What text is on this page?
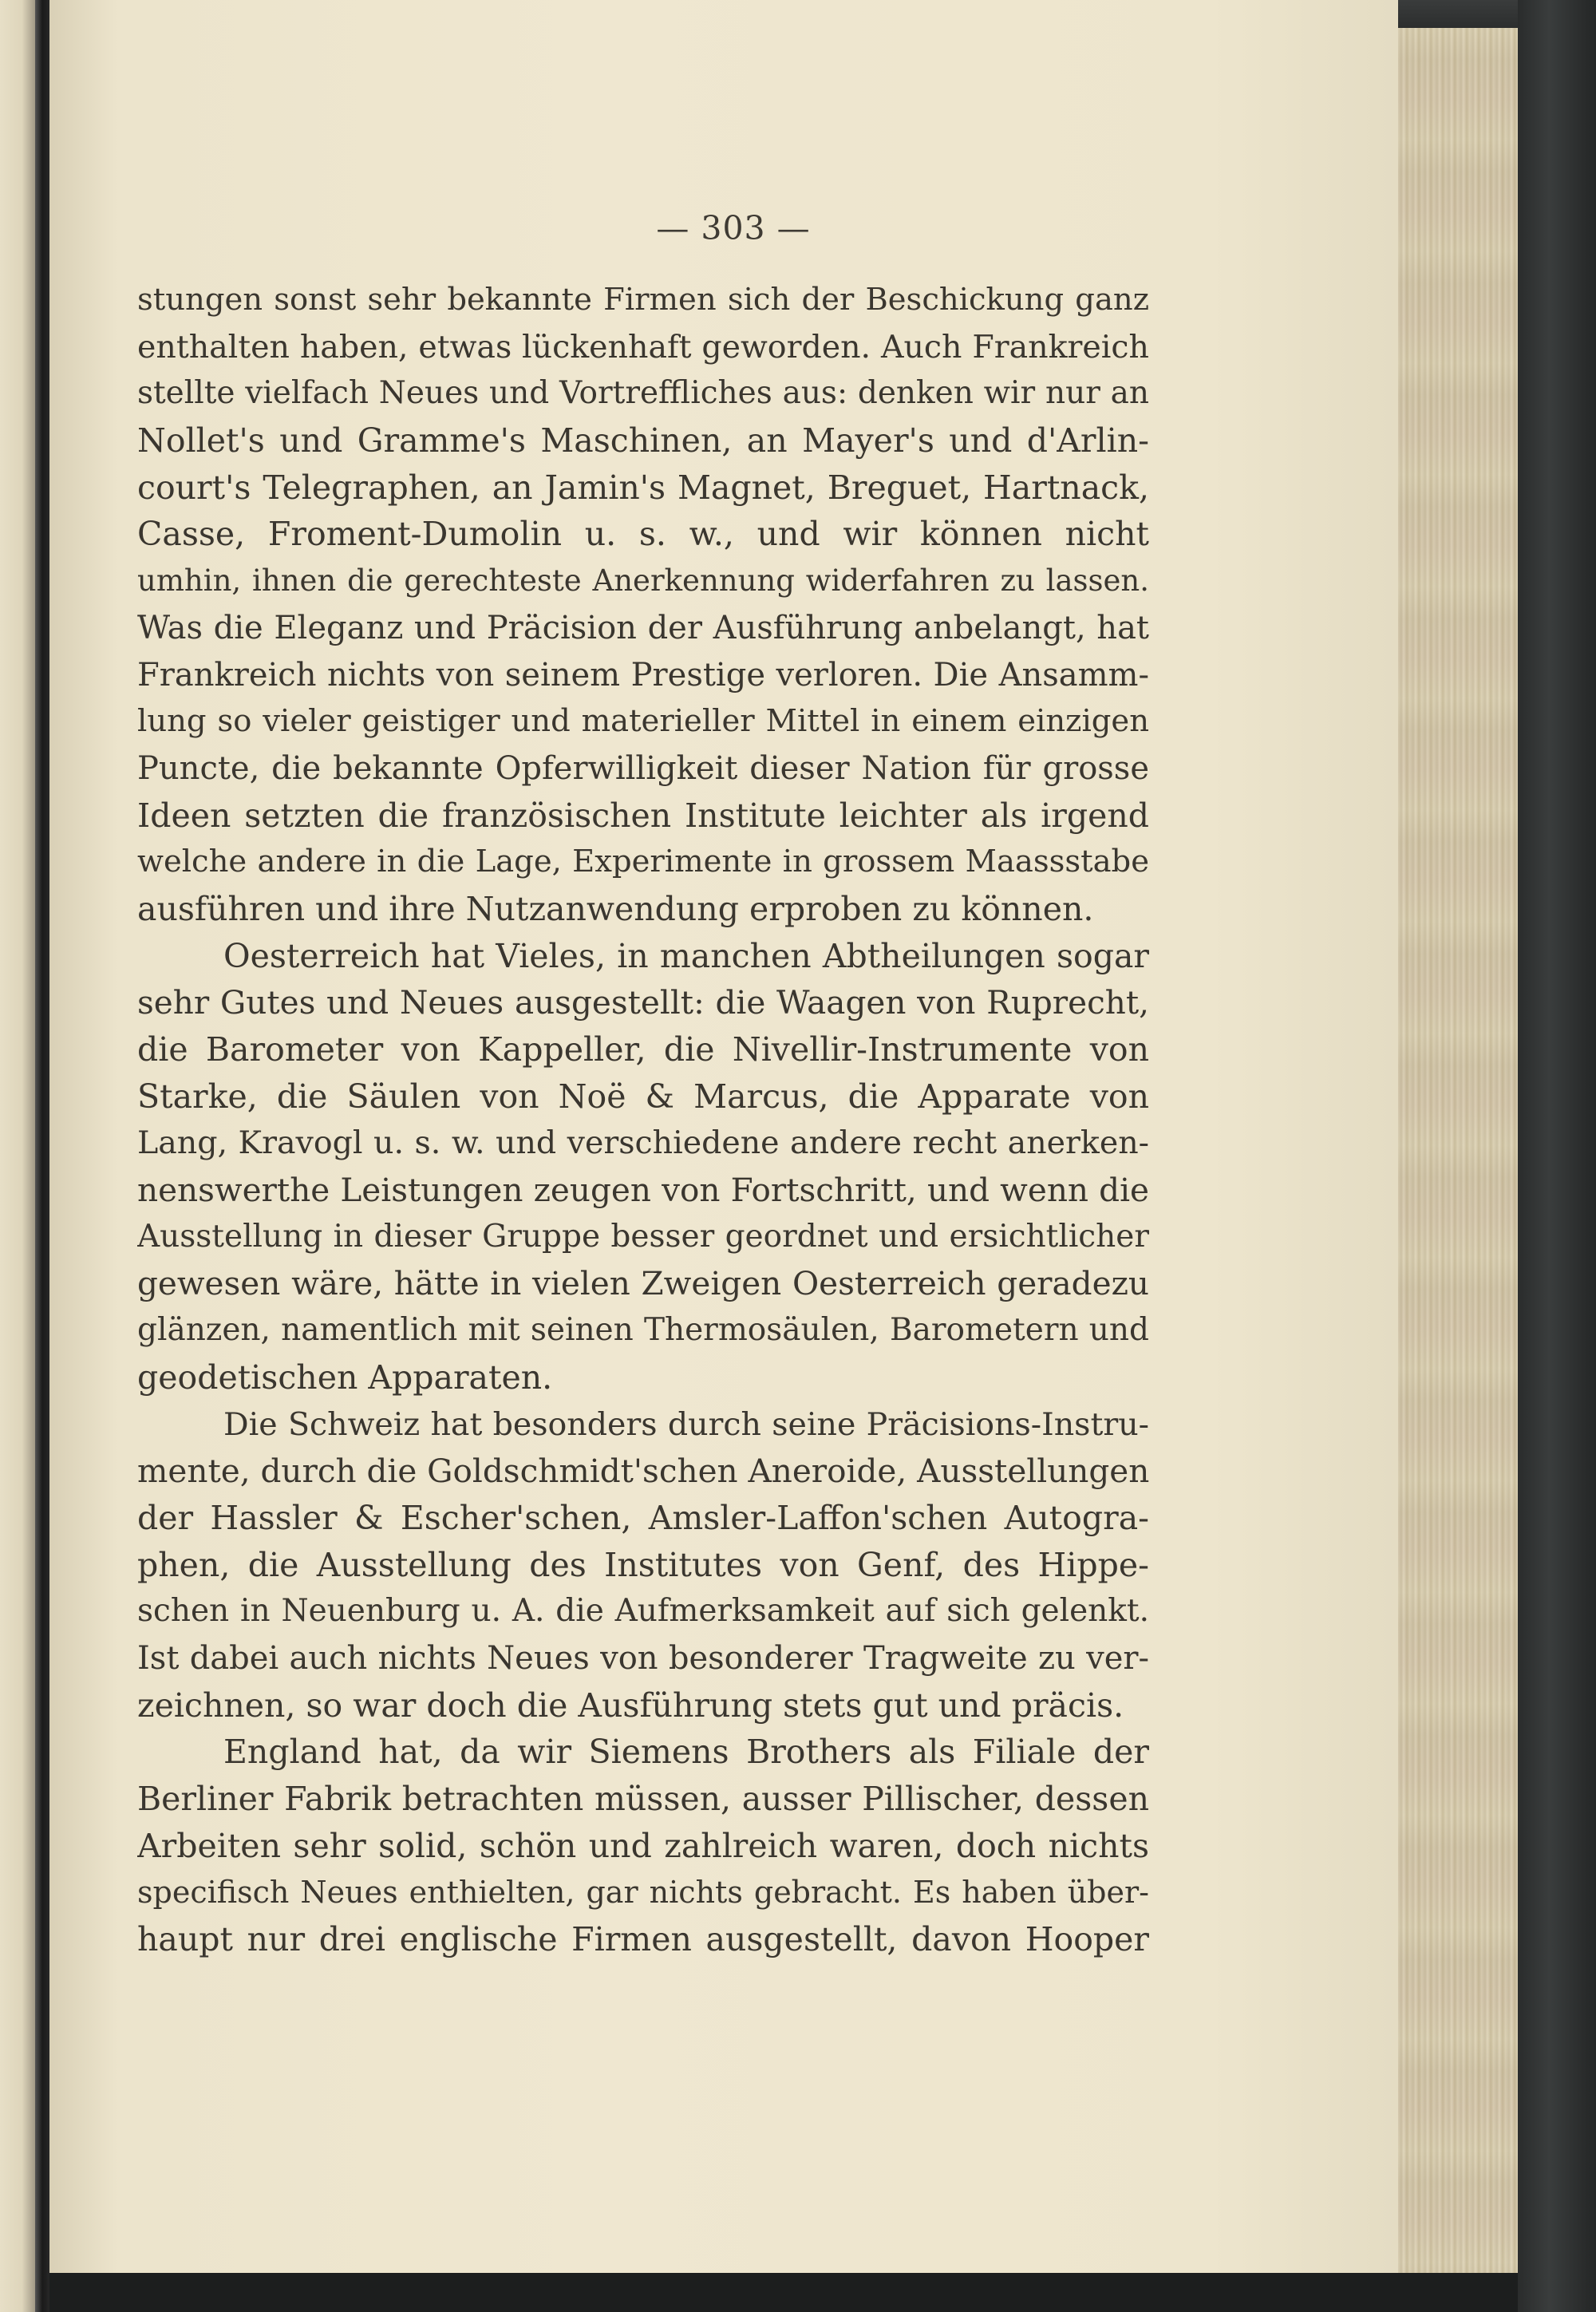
— 303 —
stungen sonst sehr bekannte Firmen sich der Beschickung ganz
enthalten haben, etwas lückenhaft geworden. Auch Frankreich
stellte vielfach Neues und Vortreffliches aus: denken wir nur an
Nollet's und Gramme's Maschinen, an Mayer's und d'Arlin-
court's Telegraphen, an Jamin's Magnet, Breguet, Hartnack,
Casse, Froment-Dumolin u. s. w., und wir können nicht
umhin, ihnen die gerechteste Anerkennung widerfahren zu lassen.
Was die Eleganz und Präcision der Ausführung anbelangt, hat
Frankreich nichts von seinem Prestige verloren. Die Ansamm-
lung so vieler geistiger und materieller Mittel in einem einzigen
Puncte, die bekannte Opferwilligkeit dieser Nation für grosse
Ideen setzten die französischen Institute leichter als irgend
welche andere in die Lage, Experimente in grossem Maassstabe
ausführen und ihre Nutzanwendung erproben zu können.
Oesterreich hat Vieles, in manchen Abtheilungen sogar
sehr Gutes und Neues ausgestellt: die Waagen von Ruprecht,
die Barometer von Kappeller, die Nivellir-Instrumente von
Starke, die Säulen von Noë & Marcus, die Apparate von
Lang, Kravogl u. s. w. und verschiedene andere recht anerken-
nenswerthe Leistungen zeugen von Fortschritt, und wenn die
Ausstellung in dieser Gruppe besser geordnet und ersichtlicher
gewesen wäre, hätte in vielen Zweigen Oesterreich geradezu
glänzen, namentlich mit seinen Thermosäulen, Barometern und
geodetischen Apparaten.
Die Schweiz hat besonders durch seine Präcisions-Instru-
mente, durch die Goldschmidt'schen Aneroide, Ausstellungen
der Hassler & Escher'schen, Amsler-Laffon'schen Autogra-
phen, die Ausstellung des Institutes von Genf, des Hippe-
schen in Neuenburg u. A. die Aufmerksamkeit auf sich gelenkt.
Ist dabei auch nichts Neues von besonderer Tragweite zu ver-
zeichnen, so war doch die Ausführung stets gut und präcis.
England hat, da wir Siemens Brothers als Filiale der
Berliner Fabrik betrachten müssen, ausser Pillischer, dessen
Arbeiten sehr solid, schön und zahlreich waren, doch nichts
specifisch Neues enthielten, gar nichts gebracht. Es haben über-
haupt nur drei englische Firmen ausgestellt, davon Hooper
